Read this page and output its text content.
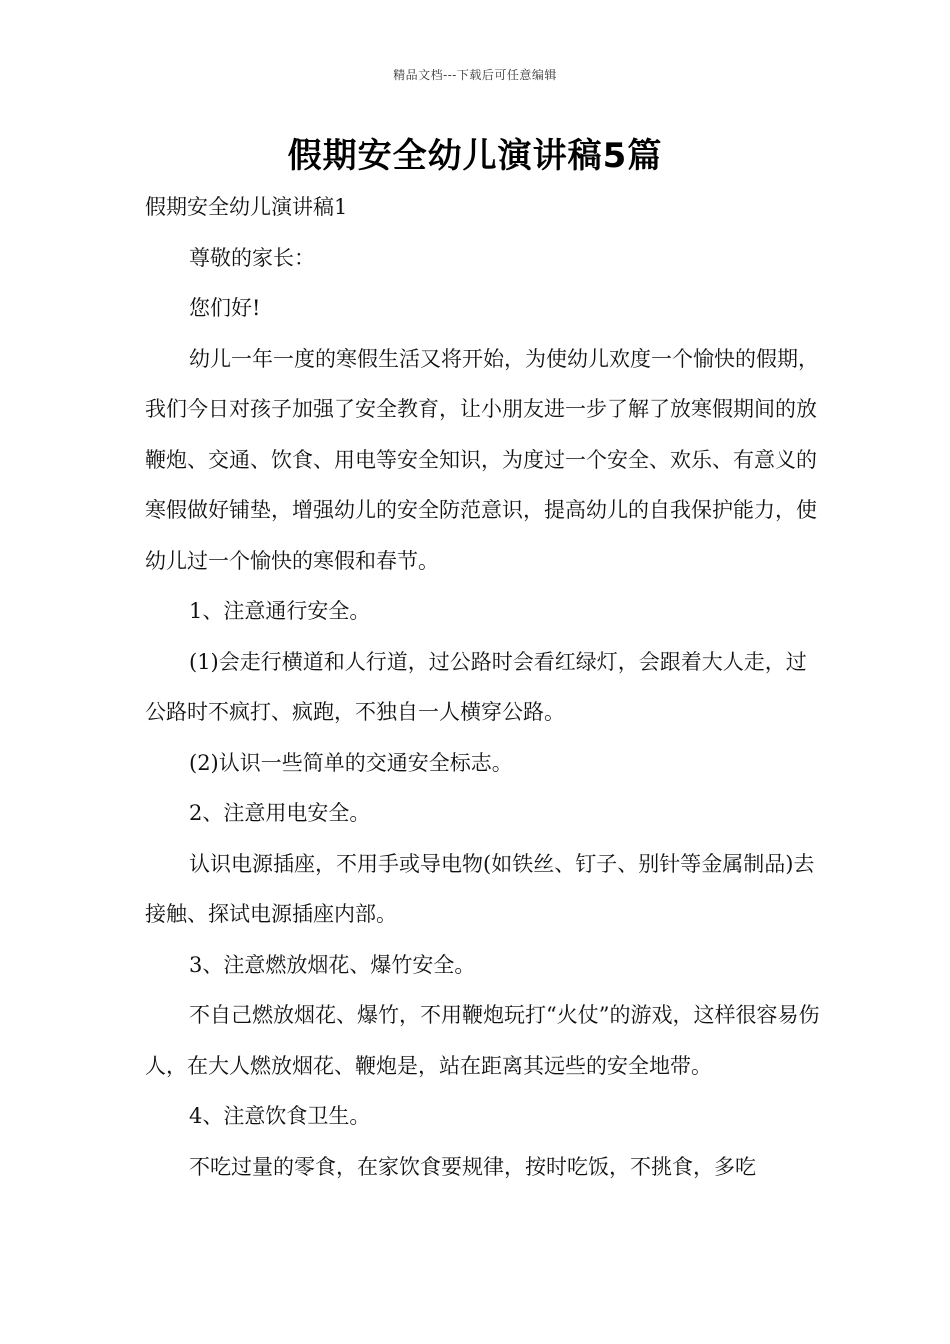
精品文档---下载后可任意编辑
假期安全幼儿演讲稿5篇

假期安全幼儿演讲稿1

尊敬的家长：

您们好!

幼儿一年一度的寒假生活又将开始，为使幼儿欢度一个愉快的假期，我们今日对孩子加强了安全教育，让小朋友进一步了解了放寒假期间的放鞭炮、交通、饮食、用电等安全知识，为度过一个安全、欢乐、有意义的寒假做好铺垫，增强幼儿的安全防范意识，提高幼儿的自我保护能力，使幼儿过一个愉快的寒假和春节。

1、注意通行安全。

(1)会走行横道和人行道，过公路时会看红绿灯，会跟着大人走，过公路时不疯打、疯跑，不独自一人横穿公路。

(2)认识一些简单的交通安全标志。

2、注意用电安全。

认识电源插座，不用手或导电物(如铁丝、钉子、别针等金属制品)去接触、探试电源插座内部。

3、注意燃放烟花、爆竹安全。

不自己燃放烟花、爆竹，不用鞭炮玩打“火仗”的游戏，这样很容易伤人，在大人燃放烟花、鞭炮是，站在距离其远些的安全地带。

4、注意饮食卫生。

不吃过量的零食，在家饮食要规律，按时吃饭，不挑食，多吃
